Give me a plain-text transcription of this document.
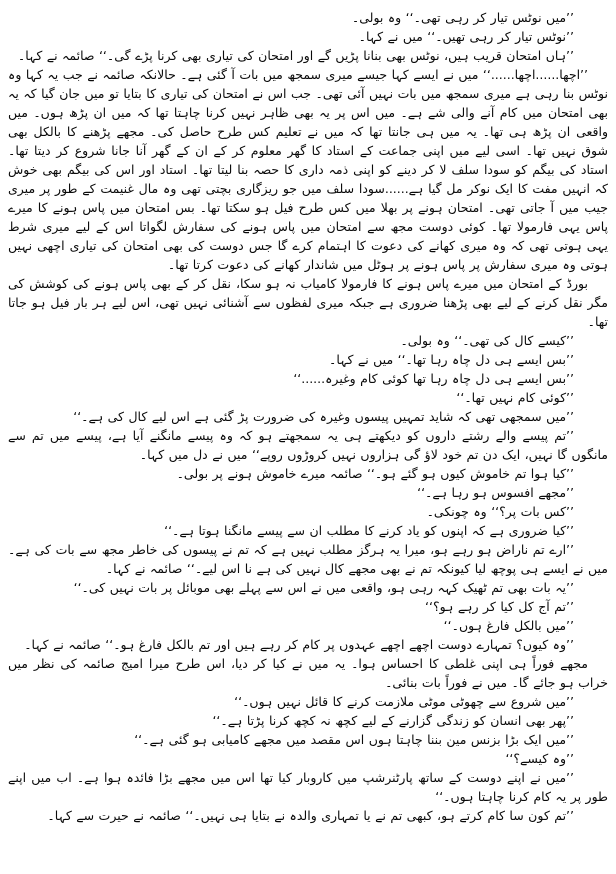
’’میں نوٹس تیار کر رہی تھی۔‘‘ وہ بولی۔

’’نوٹس تیار کر رہی تھیں۔‘‘ میں نے کہا۔

’’ہاں امتحان قریب ہیں، نوٹس بھی بنانا پڑیں گے اور امتحان کی تیاری بھی کرنا پڑے گی۔‘‘ صائمہ نے کہا۔

’’اچھا......اچھا......‘‘ میں نے ایسے کہا جیسے میری سمجھ میں بات آ گئی ہے۔ حالانکہ صائمہ نے جب یہ کہا وہ نوٹس بنا رہی ہے میری سمجھ میں بات نہیں آئی تھی۔ جب اس نے امتحان کی تیاری کا بتایا تو میں جان گیا کہ یہ بھی امتحان میں کام آنے والی شے ہے۔ میں اس پر یہ بھی ظاہر نہیں کرنا چاہتا تھا کہ میں ان پڑھ ہوں۔ میں واقعی ان پڑھ ہی تھا۔ یہ میں ہی جانتا تھا کہ میں نے تعلیم کس طرح حاصل کی۔ مجھے پڑھنے کا بالکل بھی شوق نہیں تھا۔ اسی لیے میں اپنی جماعت کے استاد کا گھر معلوم کر کے ان کے گھر آنا جانا شروع کر دیتا تھا۔ استاد کی بیگم کو سودا سلف لا کر دینے کو اپنی ذمہ داری کا حصہ بنا لیتا تھا۔ استاد اور اس کی بیگم بھی خوش کہ انہیں مفت کا ایک نوکر مل گیا ہے......سودا سلف میں جو ریزگاری بچتی تھی وہ مال غنیمت کے طور پر میری جیب میں آ جاتی تھی۔ امتحان ہونے پر بھلا میں کس طرح فیل ہو سکتا تھا۔ بس امتحان میں پاس ہونے کا میرے پاس یہی فارمولا تھا۔ کوئی دوست مجھ سے امتحان میں پاس ہونے کی سفارش لگواتا اس کے لیے میری شرط یہی ہوتی تھی کہ وہ میری کھانے کی دعوت کا اہتمام کرے گا جس دوست کی بھی امتحان کی تیاری اچھی نہیں ہوتی وہ میری سفارش پر پاس ہونے پر ہوٹل میں شاندار کھانے کی دعوت کرتا تھا۔

بورڈ کے امتحان میں میرے پاس ہونے کا فارمولا کامیاب نہ ہو سکا، نقل کر کے بھی پاس ہونے کی کوشش کی مگر نقل کرنے کے لیے بھی پڑھنا ضروری ہے جبکہ میری لفظوں سے آشنائی نہیں تھی، اس لیے ہر بار فیل ہو جاتا تھا۔

’’کیسے کال کی تھی۔‘‘ وہ بولی۔

’’بس ایسے ہی دل چاہ رہا تھا۔‘‘ میں نے کہا۔

’’بس ایسے ہی دل چاہ رہا تھا کوئی کام وغیرہ......‘‘

’’کوئی کام نہیں تھا۔‘‘

’’میں سمجھی تھی کہ شاید تمہیں پیسوں وغیرہ کی ضرورت پڑ گئی ہے اس لیے کال کی ہے۔‘‘

’’تم پیسے والے رشتے داروں کو دیکھتے ہی یہ سمجھتے ہو کہ وہ پیسے مانگنے آیا ہے، پیسے میں تم سے مانگوں گا نہیں، ایک دن تم خود لاؤ گی ہزاروں نہیں کروڑوں روپے‘‘ میں نے دل میں کہا۔

’’کیا ہوا تم خاموش کیوں ہو گئے ہو۔‘‘ صائمہ میرے خاموش ہونے پر بولی۔

’’مجھے افسوس ہو رہا ہے۔‘‘

’’کس بات پر؟‘‘ وہ چونکی۔

’’کیا ضروری ہے کہ اپنوں کو یاد کرنے کا مطلب ان سے پیسے مانگنا ہوتا ہے۔‘‘

’’ارے تم ناراض ہو رہے ہو، میرا یہ ہرگز مطلب نہیں ہے کہ تم نے پیسوں کی خاطر مجھ سے بات کی ہے۔ میں نے ایسے ہی پوچھ لیا کیونکہ تم نے بھی مجھے کال نہیں کی ہے نا اس لیے۔‘‘ صائمہ نے کہا۔

’’یہ بات بھی تم ٹھیک کہہ رہی ہو، واقعی میں نے اس سے پہلے بھی موبائل پر بات نہیں کی۔‘‘

’’تم آج کل کیا کر رہے ہو؟‘‘

’’میں بالکل فارغ ہوں۔‘‘

’’وہ کیوں؟ تمہارے دوست اچھے اچھے عہدوں پر کام کر رہے ہیں اور تم بالکل فارغ ہو۔‘‘ صائمہ نے کہا۔

مجھے فوراً ہی اپنی غلطی کا احساس ہوا۔ یہ میں نے کیا کر دیا، اس طرح میرا امیج صائمہ کی نظر میں خراب ہو جائے گا۔ میں نے فوراً بات بنائی۔

’’میں شروع سے چھوٹی موٹی ملازمت کرنے کا قائل نہیں ہوں۔‘‘

’’پھر بھی انسان کو زندگی گزارنے کے لیے کچھ نہ کچھ کرنا پڑتا ہے۔‘‘

’’میں ایک بڑا بزنس مین بننا چاہتا ہوں اس مقصد میں مجھے کامیابی ہو گئی ہے۔‘‘

’’وہ کیسے؟‘‘

’’میں نے اپنے دوست کے ساتھ پارٹنرشپ میں کاروبار کیا تھا اس میں مجھے بڑا فائدہ ہوا ہے۔ اب میں اپنے طور پر یہ کام کرنا چاہتا ہوں۔‘‘

’’تم کون سا کام کرتے ہو، کبھی تم نے یا تمہاری والدہ نے بتایا ہی نہیں۔‘‘ صائمہ نے حیرت سے کہا۔
